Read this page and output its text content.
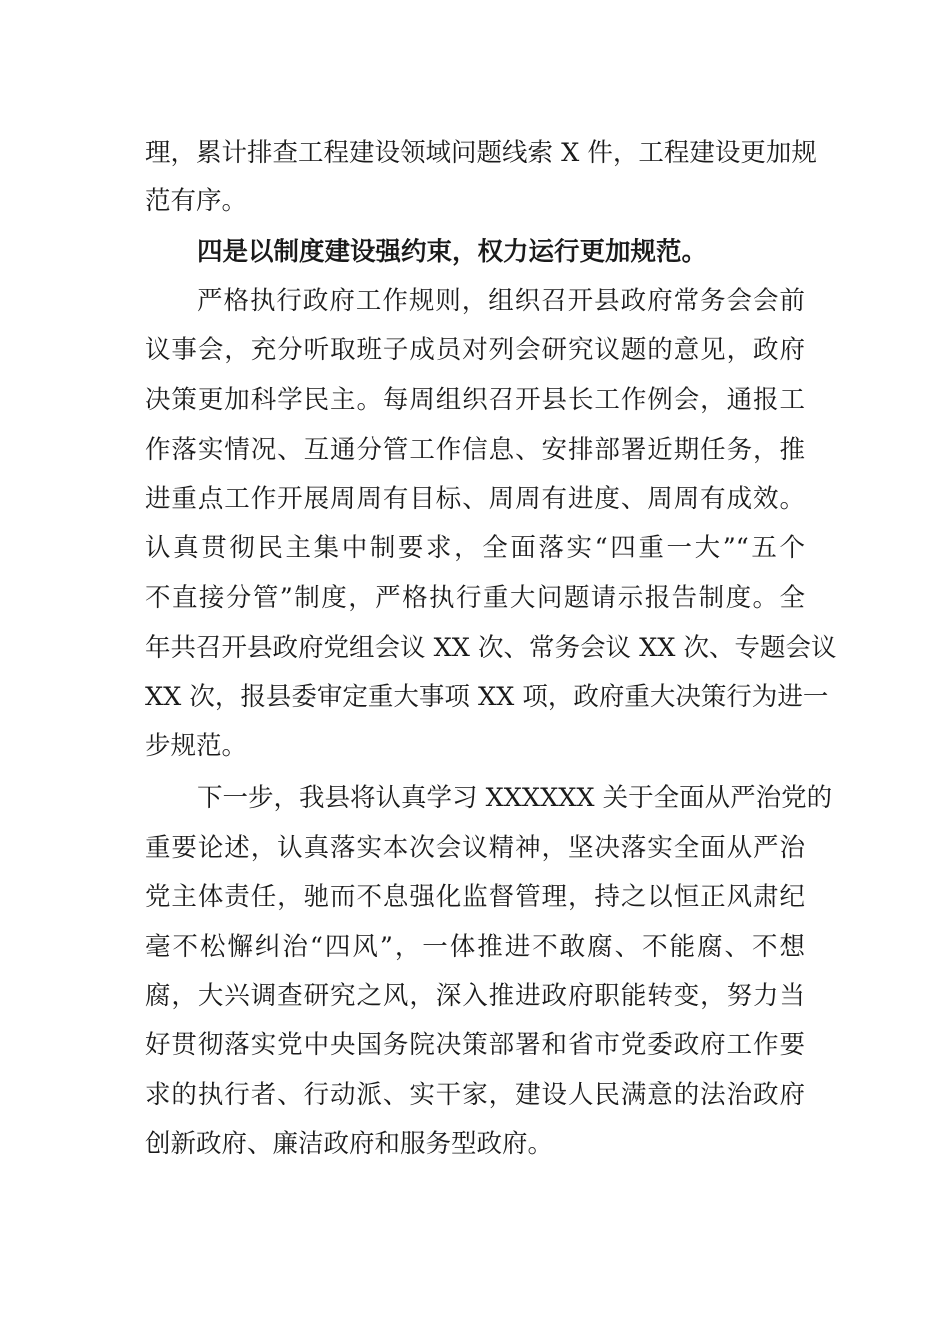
理，累计排查工程建设领域问题线索 X 件，工程建设更加规
范有序。
四是以制度建设强约束，权力运行更加规范。
严格执行政府工作规则，组织召开县政府常务会会前
议事会，充分听取班子成员对列会研究议题的意见，政府
决策更加科学民主。每周组织召开县长工作例会，通报工
作落实情况、互通分管工作信息、安排部署近期任务，推
进重点工作开展周周有目标、周周有进度、周周有成效。
认真贯彻民主集中制要求，全面落实“四重一大”“五个
不直接分管”制度，严格执行重大问题请示报告制度。全
年共召开县政府党组会议 XX 次、常务会议 XX 次、专题会议
XX 次，报县委审定重大事项 XX 项，政府重大决策行为进一
步规范。
下一步，我县将认真学习 XXXXXX 关于全面从严治党的
重要论述，认真落实本次会议精神，坚决落实全面从严治
党主体责任，驰而不息强化监督管理，持之以恒正风肃纪
毫不松懈纠治“四风”，一体推进不敢腐、不能腐、不想
腐，大兴调查研究之风，深入推进政府职能转变，努力当
好贯彻落实党中央国务院决策部署和省市党委政府工作要
求的执行者、行动派、实干家，建设人民满意的法治政府
创新政府、廉洁政府和服务型政府。
